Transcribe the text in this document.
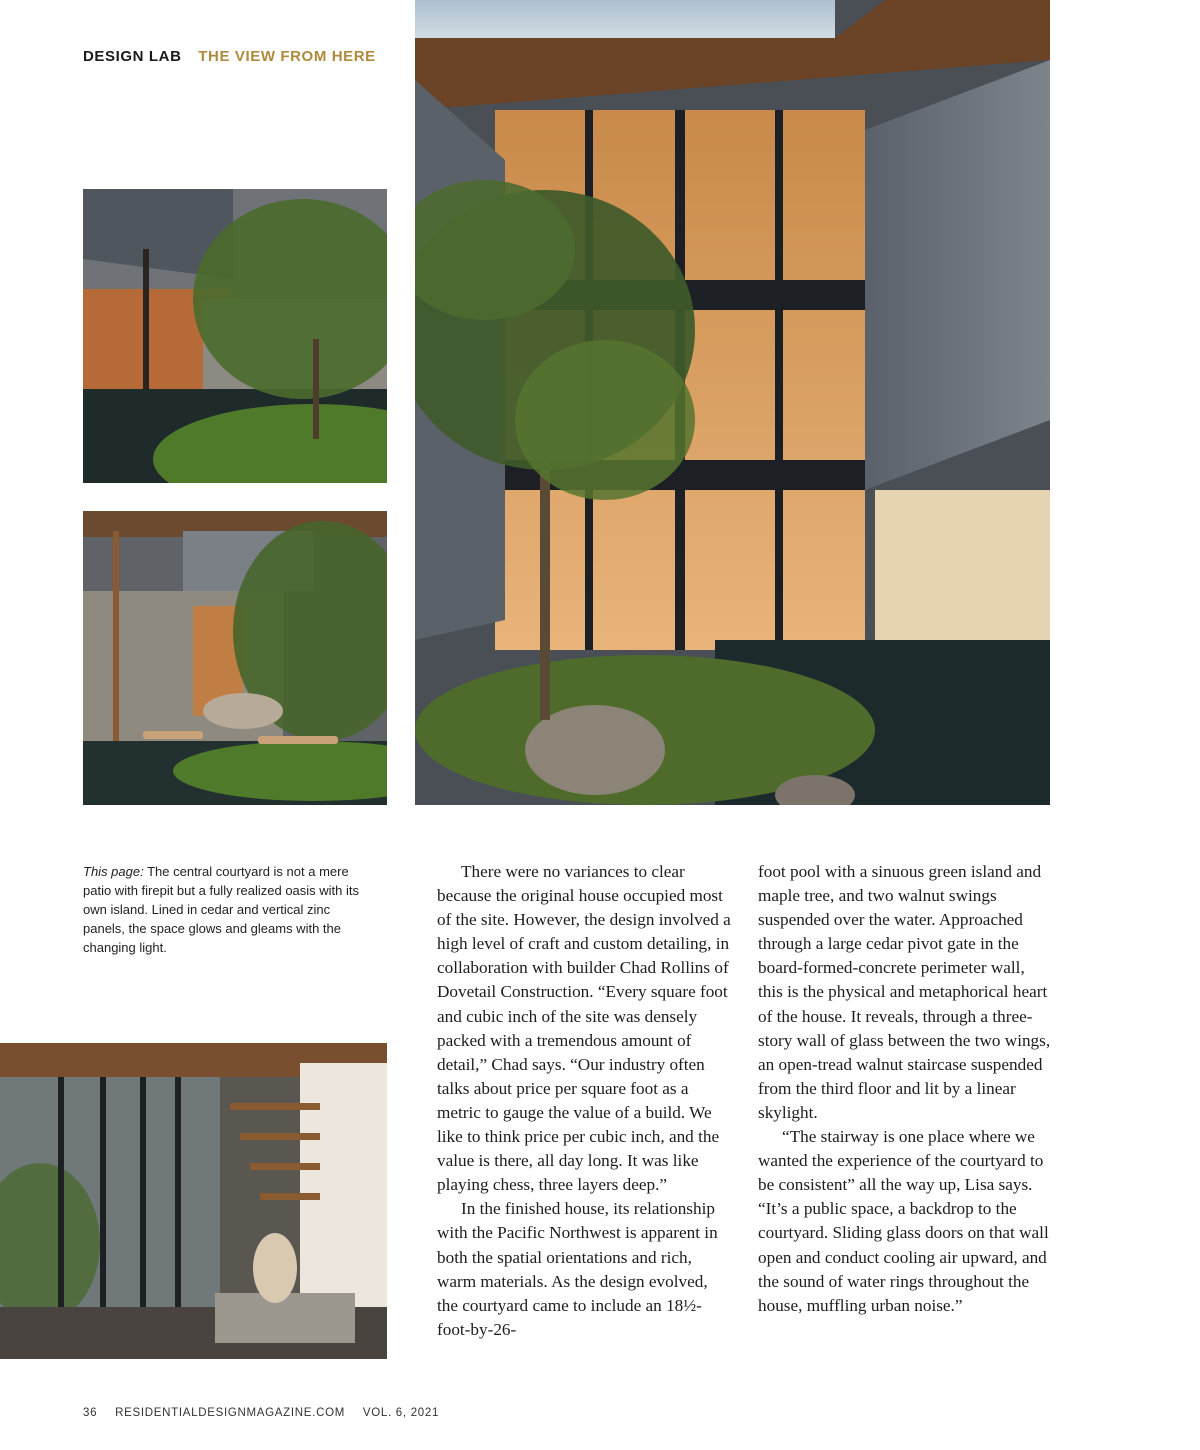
DESIGN LAB THE VIEW FROM HERE
This page: The central courtyard is not a mere patio with firepit but a fully realized oasis with its own island. Lined in cedar and vertical zinc panels, the space glows and gleams with the changing light.

There were no variances to clear because the original house occupied most of the site. However, the design involved a high level of craft and custom detailing, in collaboration with builder Chad Rollins of Dovetail Construction. “Every square foot and cubic inch of the site was densely packed with a tremendous amount of detail,” Chad says. “Our industry often talks about price per square foot as a metric to gauge the value of a build. We like to think price per cubic inch, and the value is there, all day long. It was like playing chess, three layers deep.”

In the finished house, its relationship with the Pacific Northwest is apparent in both the spatial orientations and rich, warm materials. As the design evolved, the courtyard came to include an 18½-foot-by-26-

foot pool with a sinuous green island and maple tree, and two walnut swings suspended over the water. Approached through a large cedar pivot gate in the board-formed-concrete perimeter wall, this is the physical and metaphorical heart of the house. It reveals, through a three-story wall of glass between the two wings, an open-tread walnut staircase suspended from the third floor and lit by a linear skylight.

“The stairway is one place where we wanted the experience of the courtyard to be consistent” all the way up, Lisa says. “It’s a public space, a backdrop to the courtyard. Sliding glass doors on that wall open and conduct cooling air upward, and the sound of water rings throughout the house, muffling urban noise.”

36 RESIDENTIALDESIGNMAGAZINE.COM VOL. 6, 2021
